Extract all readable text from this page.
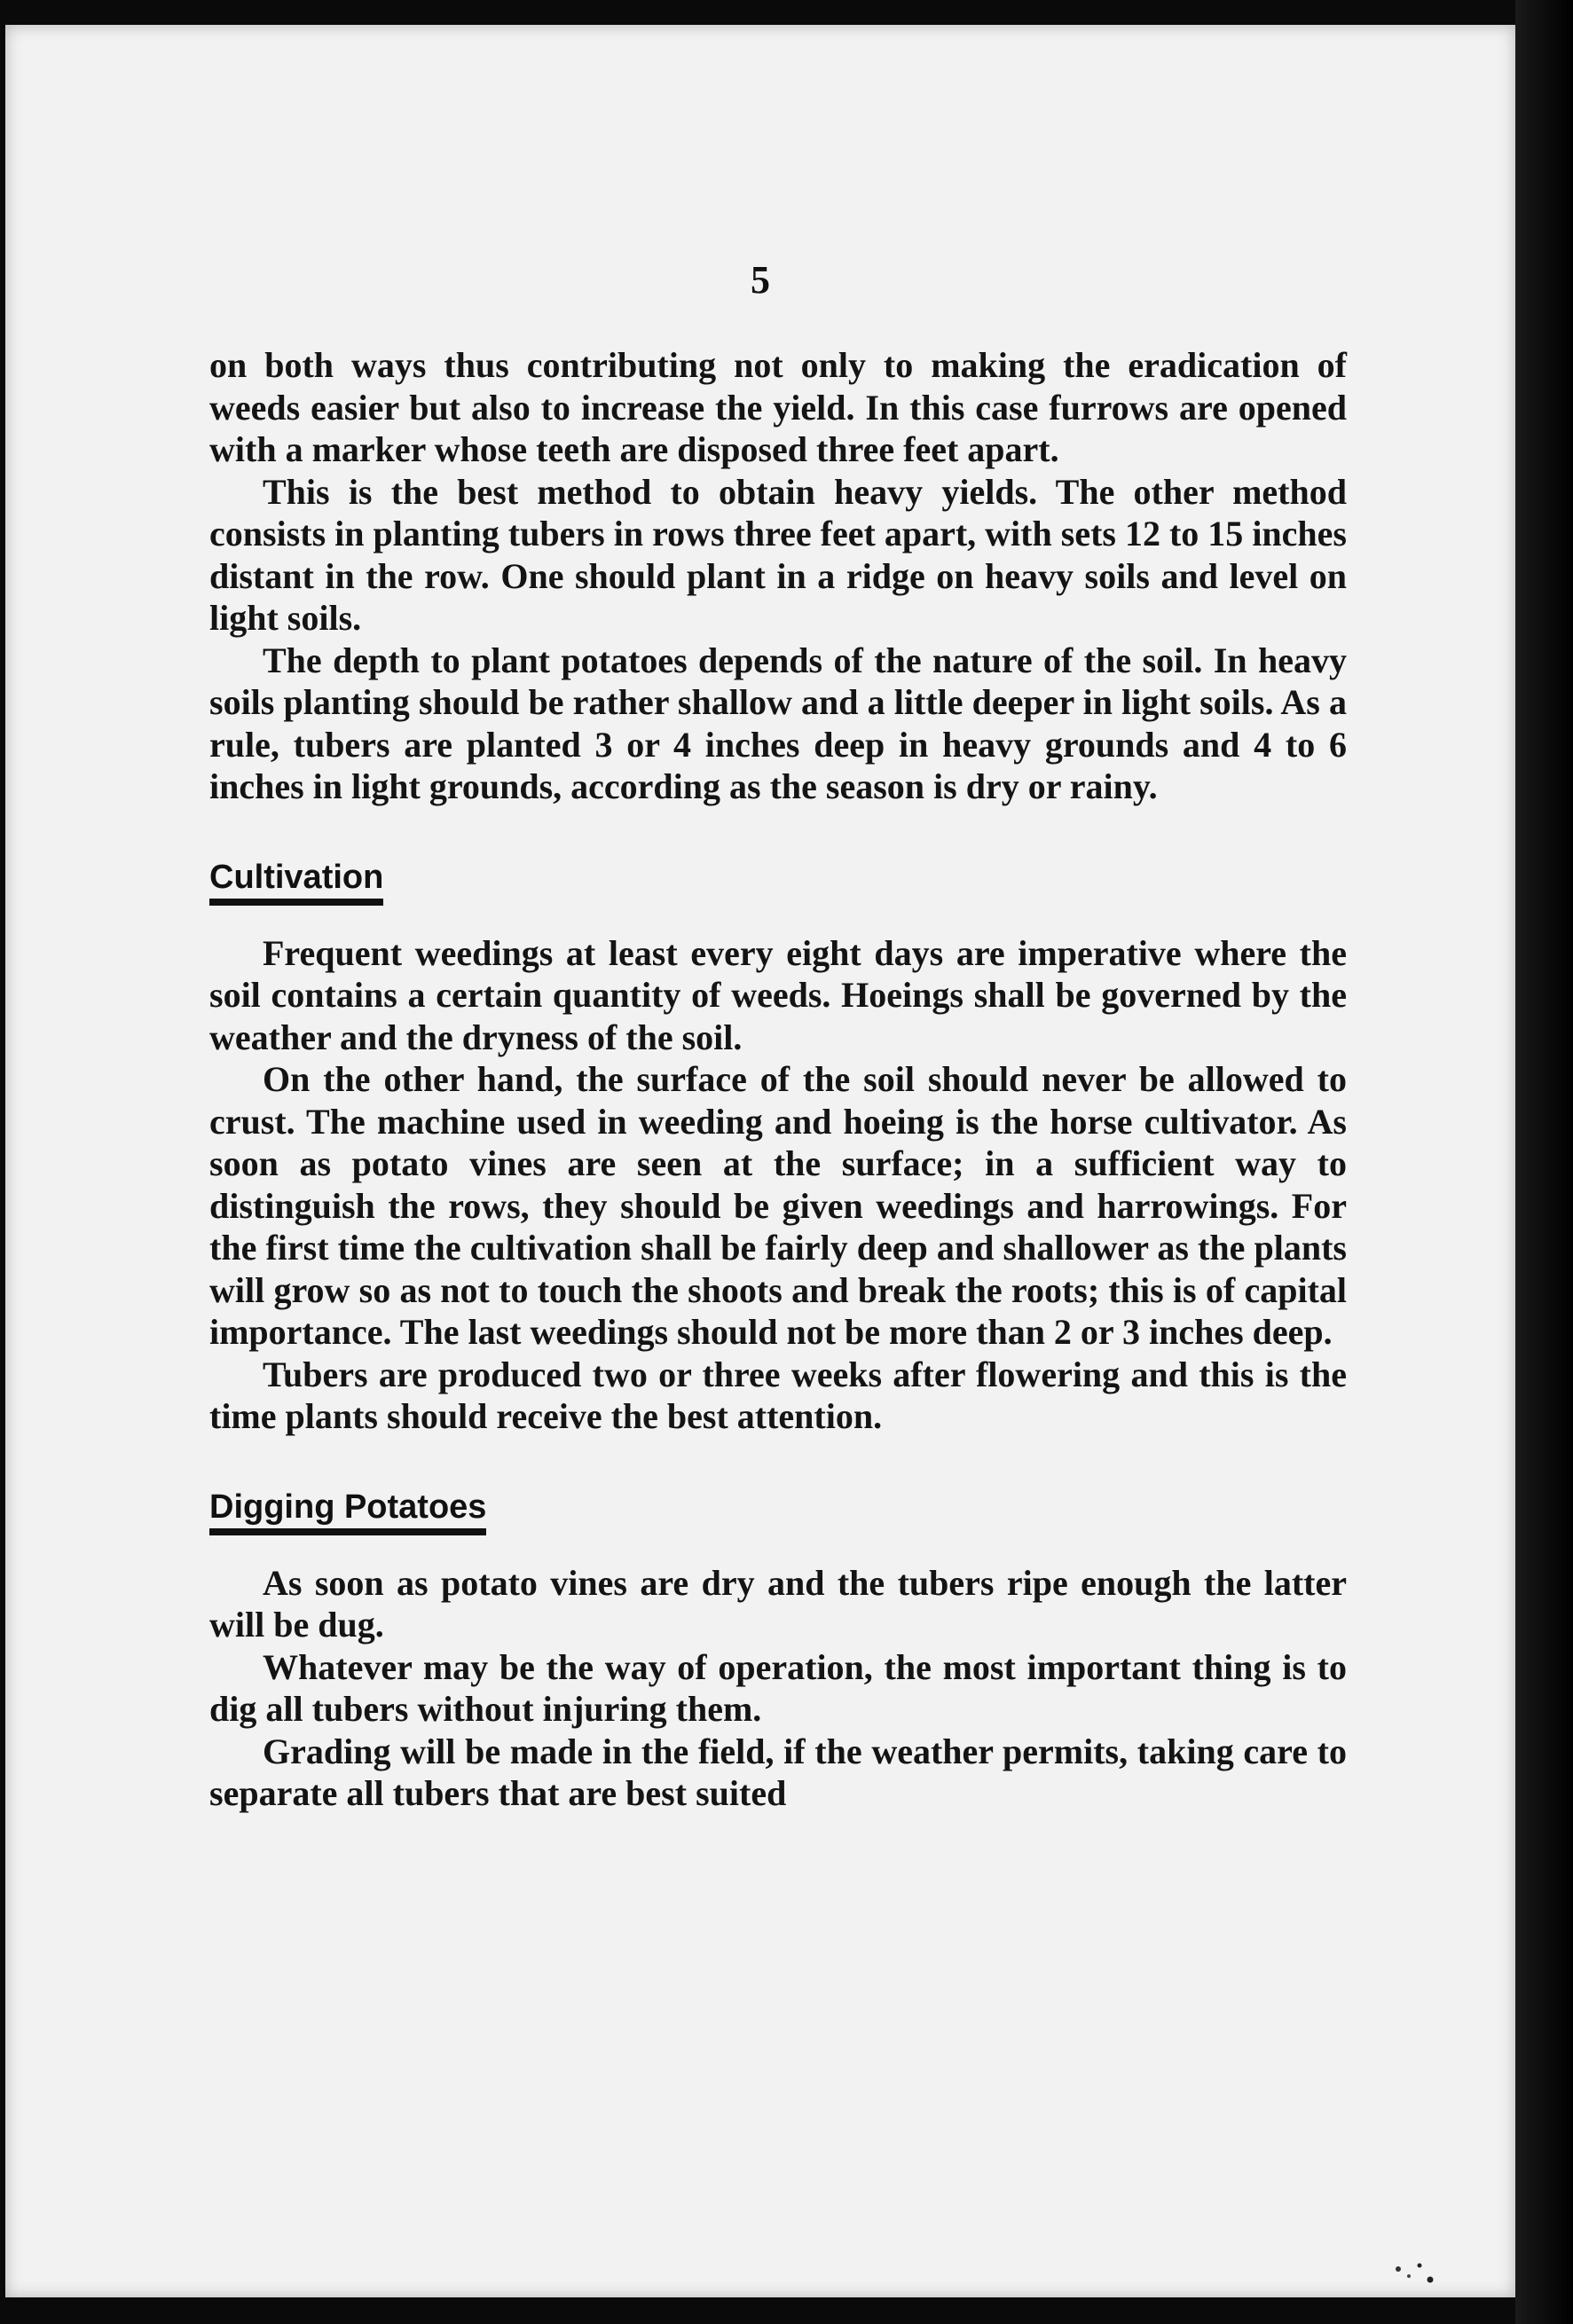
5

on both ways thus contributing not only to making the eradication of weeds easier but also to increase the yield. In this case furrows are opened with a marker whose teeth are disposed three feet apart.

This is the best method to obtain heavy yields. The other method consists in planting tubers in rows three feet apart, with sets 12 to 15 inches distant in the row. One should plant in a ridge on heavy soils and level on light soils.

The depth to plant potatoes depends of the nature of the soil. In heavy soils planting should be rather shallow and a little deeper in light soils. As a rule, tubers are planted 3 or 4 inches deep in heavy grounds and 4 to 6 inches in light grounds, according as the season is dry or rainy.

Cultivation

Frequent weedings at least every eight days are imperative where the soil contains a certain quantity of weeds. Hoeings shall be governed by the weather and the dryness of the soil.

On the other hand, the surface of the soil should never be allowed to crust. The machine used in weeding and hoeing is the horse cultivator. As soon as potato vines are seen at the surface; in a sufficient way to distinguish the rows, they should be given weedings and harrowings. For the first time the cultivation shall be fairly deep and shallower as the plants will grow so as not to touch the shoots and break the roots; this is of capital importance. The last weedings should not be more than 2 or 3 inches deep.

Tubers are produced two or three weeks after flowering and this is the time plants should receive the best attention.

Digging Potatoes

As soon as potato vines are dry and the tubers ripe enough the latter will be dug.

Whatever may be the way of operation, the most important thing is to dig all tubers without injuring them.

Grading will be made in the field, if the weather permits, taking care to separate all tubers that are best suited
